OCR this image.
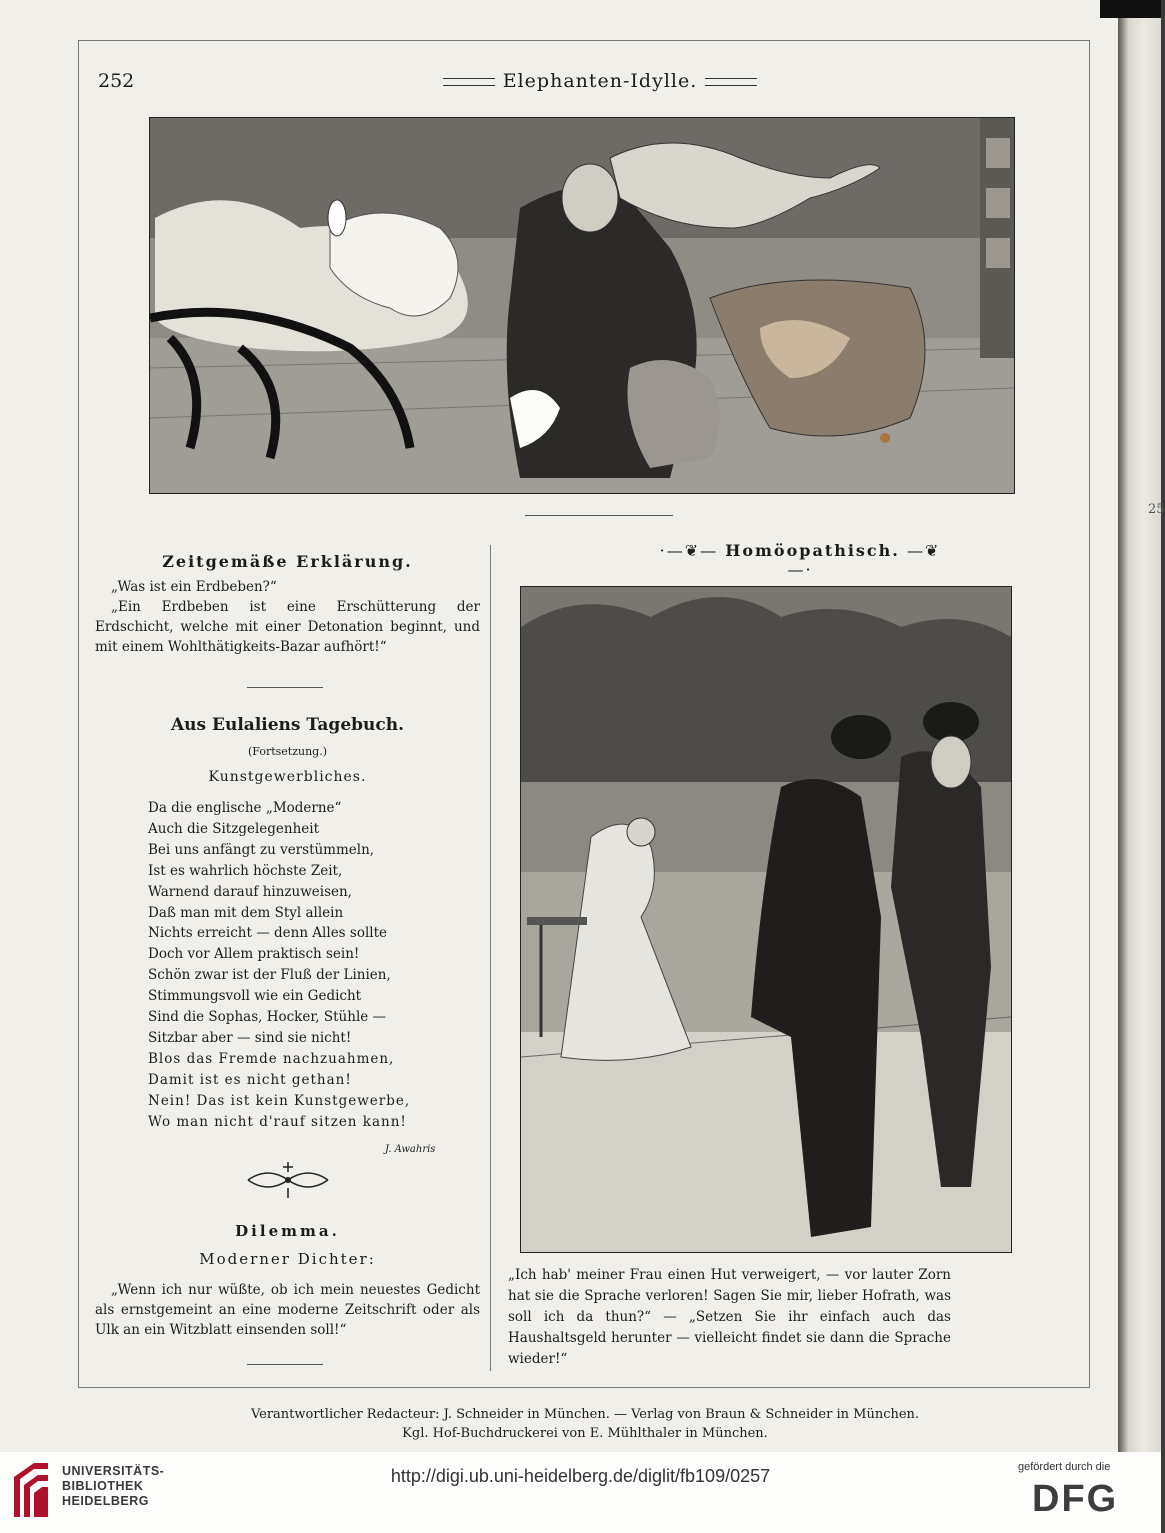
25
252	Elephanten-Idylle.
Zeitgemäße Erklärung.

„Was ist ein Erdbeben?“

„Ein Erdbeben ist eine Erschütterung der Erdschicht, welche mit einer Detonation beginnt, und mit einem Wohlthätigkeits-Bazar aufhört!“

Aus Eulaliens Tagebuch.
(Fortsetzung.)
Kunstgewerbliches.
Da die englische „Moderne“
Auch die Sitzgelegenheit
Bei uns anfängt zu verstümmeln,
Ist es wahrlich höchste Zeit,
Warnend darauf hinzuweisen,
Daß man mit dem Styl allein
Nichts erreicht — denn Alles sollte
Doch vor Allem praktisch sein!
Schön zwar ist der Fluß der Linien,
Stimmungsvoll wie ein Gedicht
Sind die Sophas, Hocker, Stühle —
Sitzbar aber — sind sie nicht!
Blos das Fremde nachzuahmen,
Damit ist es nicht gethan!
Nein! Das ist kein Kunstgewerbe,
Wo man nicht d'rauf sitzen kann!
J. Awahris
Dilemma.
Moderner Dichter:

„Wenn ich nur wüßte, ob ich mein neuestes Gedicht als ernstgemeint an eine moderne Zeitschrift oder als Ulk an ein Witzblatt einsenden soll!“

·—❦— Homöopathisch. —❦—·
„Ich hab' meiner Frau einen Hut verweigert, — vor lauter Zorn hat sie die Sprache verloren! Sagen Sie mir, lieber Hofrath, was soll ich da thun?“ — „Setzen Sie ihr einfach auch das Haushaltsgeld herunter — vielleicht findet sie dann die Sprache wieder!“
Verantwortlicher Redacteur: J. Schneider in München. — Verlag von Braun & Schneider in München.
Kgl. Hof-Buchdruckerei von E. Mühlthaler in München.
UNIVERSITÄTS-
BIBLIOTHEK
HEIDELBERG
http://digi.ub.uni-heidelberg.de/diglit/fb109/0257	gefördert durch die
DFG
